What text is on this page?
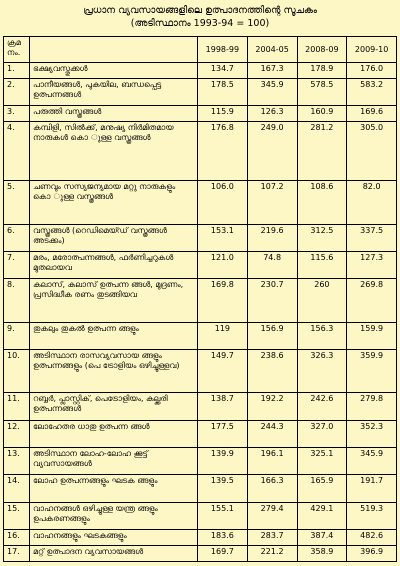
പ്രധാന വ്യവസായങ്ങളിലെ ഉത്പാദനത്തിന്റെ സൂചകം
(അടിസ്ഥാനം 1993-94 = 100)
ക്രമ നം.		1998-99	2004-05	2008-09	2009-10
1.	ഭക്ഷ്യവസ്തുക്കൾ	134.7	167.3	178.9	176.0
2.	പാനീയങ്ങൾ, പുകയില, ബന്ധപ്പെട്ട ഉത്പന്നങ്ങൾ	178.5	345.9	578.5	583.2
3.	പരുത്തി വസ്ത്രങ്ങൾ	115.9	126.3	160.9	169.6
4.	കമ്പിളി, സിൽക്ക്, മനുഷ്യ നിർമിതമായ നാരുകൾ കൊ ുള്ള വസ്ത്രങ്ങൾ	176.8	249.0	281.2	305.0
5.	ചണവും സസ്യജന്യമായ മറ്റു നാരുകളും കൊ ുള്ള വസ്ത്രങ്ങൾ	106.0	107.2	108.6	82.0
6.	വസ്ത്രങ്ങൾ (റെഡിമെയ്ഡ് വസ്ത്രങ്ങൾ അടക്കം)	153.1	219.6	312.5	337.5
7.	മരം, മരോത്പന്നങ്ങൾ, ഫർണിച്ചറുകൾ മുതലായവ	121.0	74.8	115.6	127.3
8.	കലാസ്, കലാസ് ഉത്പന്ന ങ്ങൾ, മുദ്രണം, പ്രസിദ്ധീക രണം തുടങ്ങിയവ	169.8	230.7	260	269.8
9.	തുകലും തുകൽ ഉത്പന്ന ങ്ങളും	119	156.9	156.3	159.9
10.	അടിസ്ഥാന രാസവ്യവസായ ങ്ങളും ഉത്പന്നങ്ങളും (പെ ട്രോളിയം ഒഴിച്ചുള്ളവ)	149.7	238.6	326.3	359.9
11.	റബ്ബർ, പ്ലാസ്റ്റിക്, പെട്രോളിയം, കല്ക്കരി ഉത്പന്നങ്ങൾ	138.7	192.2	242.6	279.8
12.	ലോഹേതര ധാതു ഉത്പന്ന ങ്ങൾ	177.5	244.3	327.0	352.3
13.	അടിസ്ഥാന ലോഹ-ലോഹ ക്കൂട്ട് വ്യവസായങ്ങൾ	139.9	196.1	325.1	345.9
14.	ലോഹ ഉത്പന്നങ്ങളും ഘടക ങ്ങളും	139.5	166.3	165.9	191.7
15.	വാഹനങ്ങൾ ഒഴിച്ചുള്ള യന്ത്ര ങ്ങളും ഉപകരണങ്ങളും	155.1	279.4	429.1	519.3
16.	വാഹനങ്ങളും ഘടകങ്ങളും	183.6	283.7	387.4	482.6
17.	മറ്റ് ഉത്പാദന വ്യവസായങ്ങൾ	169.7	221.2	358.9	396.9
